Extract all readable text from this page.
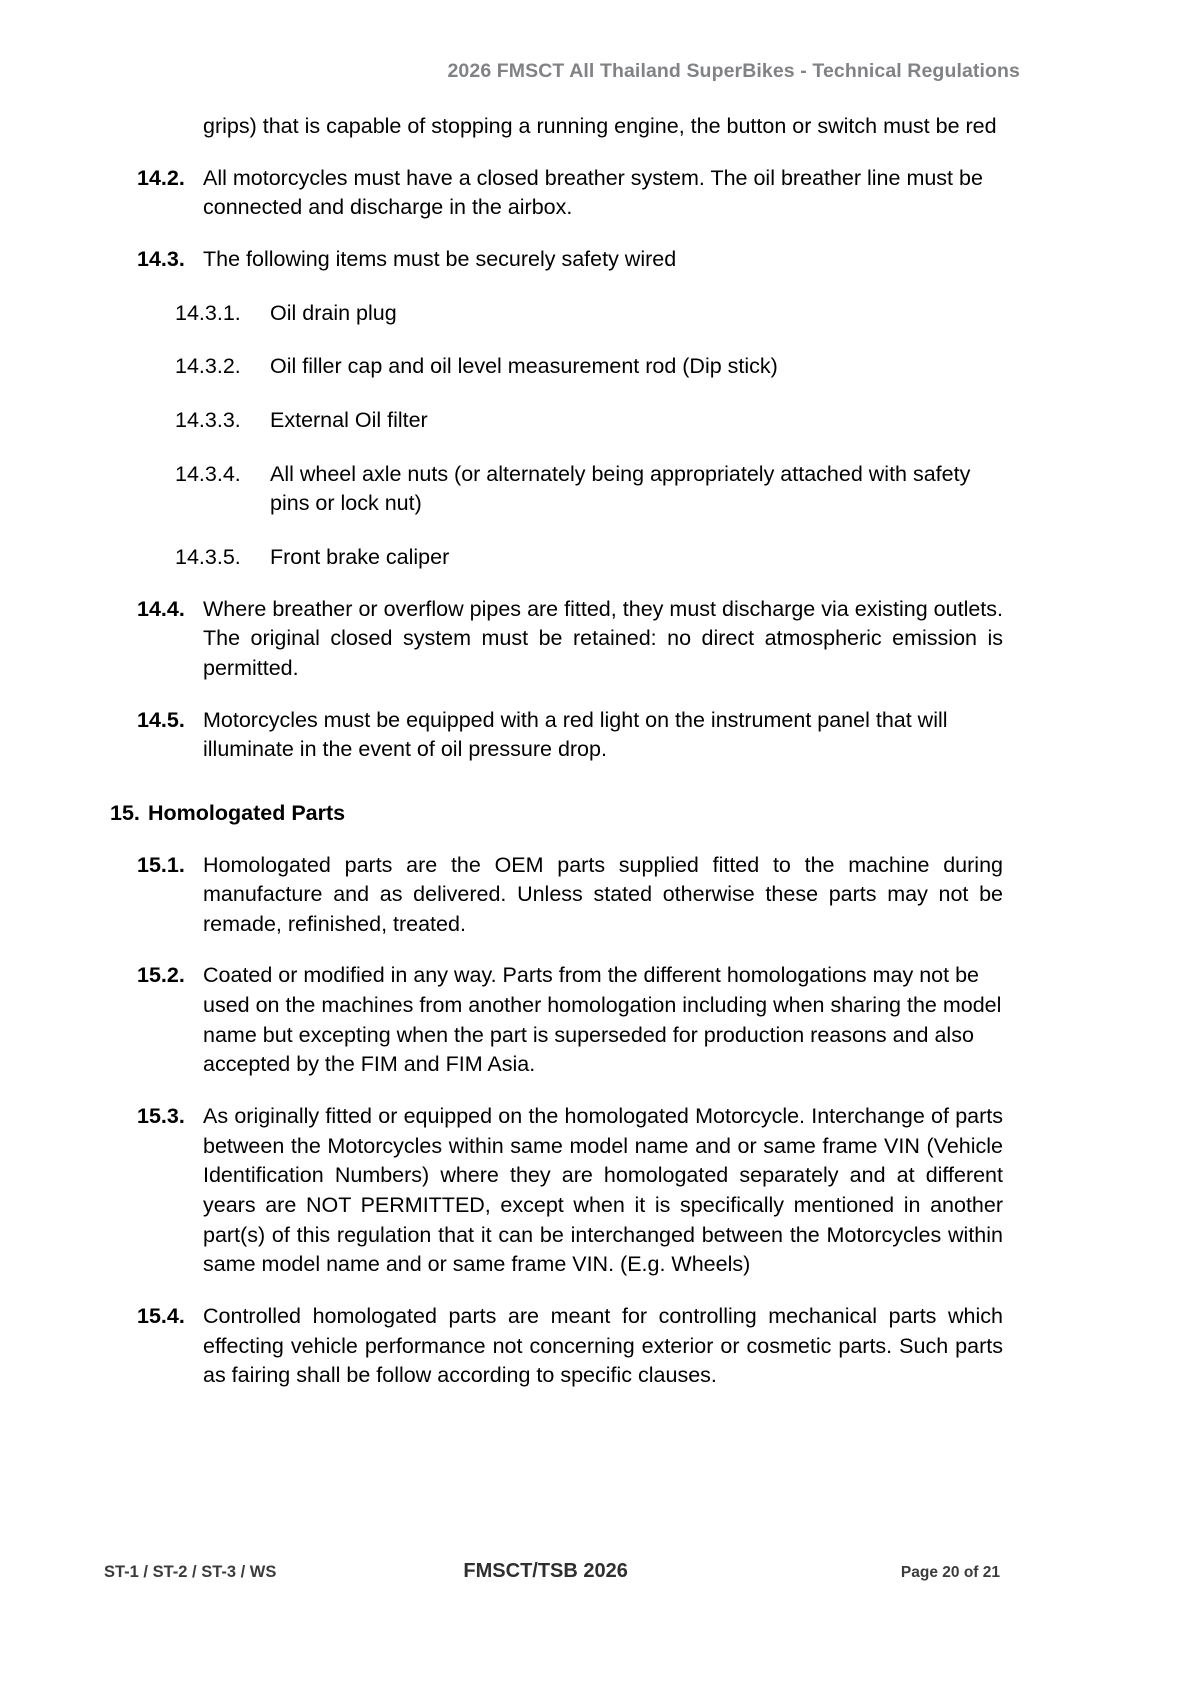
2026 FMSCT All Thailand SuperBikes - Technical Regulations

grips) that is capable of stopping a running engine, the button or switch must be red

14.2. All motorcycles must have a closed breather system. The oil breather line must be connected and discharge in the airbox.
14.3. The following items must be securely safety wired
14.3.1. Oil drain plug
14.3.2. Oil filler cap and oil level measurement rod (Dip stick)
14.3.3. External Oil filter
14.3.4. All wheel axle nuts (or alternately being appropriately attached with safety pins or lock nut)
14.3.5. Front brake caliper
14.4. Where breather or overflow pipes are fitted, they must discharge via existing outlets. The original closed system must be retained: no direct atmospheric emission is permitted.
14.5. Motorcycles must be equipped with a red light on the instrument panel that will illuminate in the event of oil pressure drop.
15. Homologated Parts
15.1. Homologated parts are the OEM parts supplied fitted to the machine during manufacture and as delivered. Unless stated otherwise these parts may not be remade, refinished, treated.
15.2. Coated or modified in any way. Parts from the different homologations may not be used on the machines from another homologation including when sharing the model name but excepting when the part is superseded for production reasons and also accepted by the FIM and FIM Asia.
15.3. As originally fitted or equipped on the homologated Motorcycle. Interchange of parts between the Motorcycles within same model name and or same frame VIN (Vehicle Identification Numbers) where they are homologated separately and at different years are NOT PERMITTED, except when it is specifically mentioned in another part(s) of this regulation that it can be interchanged between the Motorcycles within same model name and or same frame VIN. (E.g. Wheels)
15.4. Controlled homologated parts are meant for controlling mechanical parts which effecting vehicle performance not concerning exterior or cosmetic parts. Such parts as fairing shall be follow according to specific clauses.
ST-1 / ST-2 / ST-3 / WS	FMSCT/TSB 2026	Page 20 of 21
